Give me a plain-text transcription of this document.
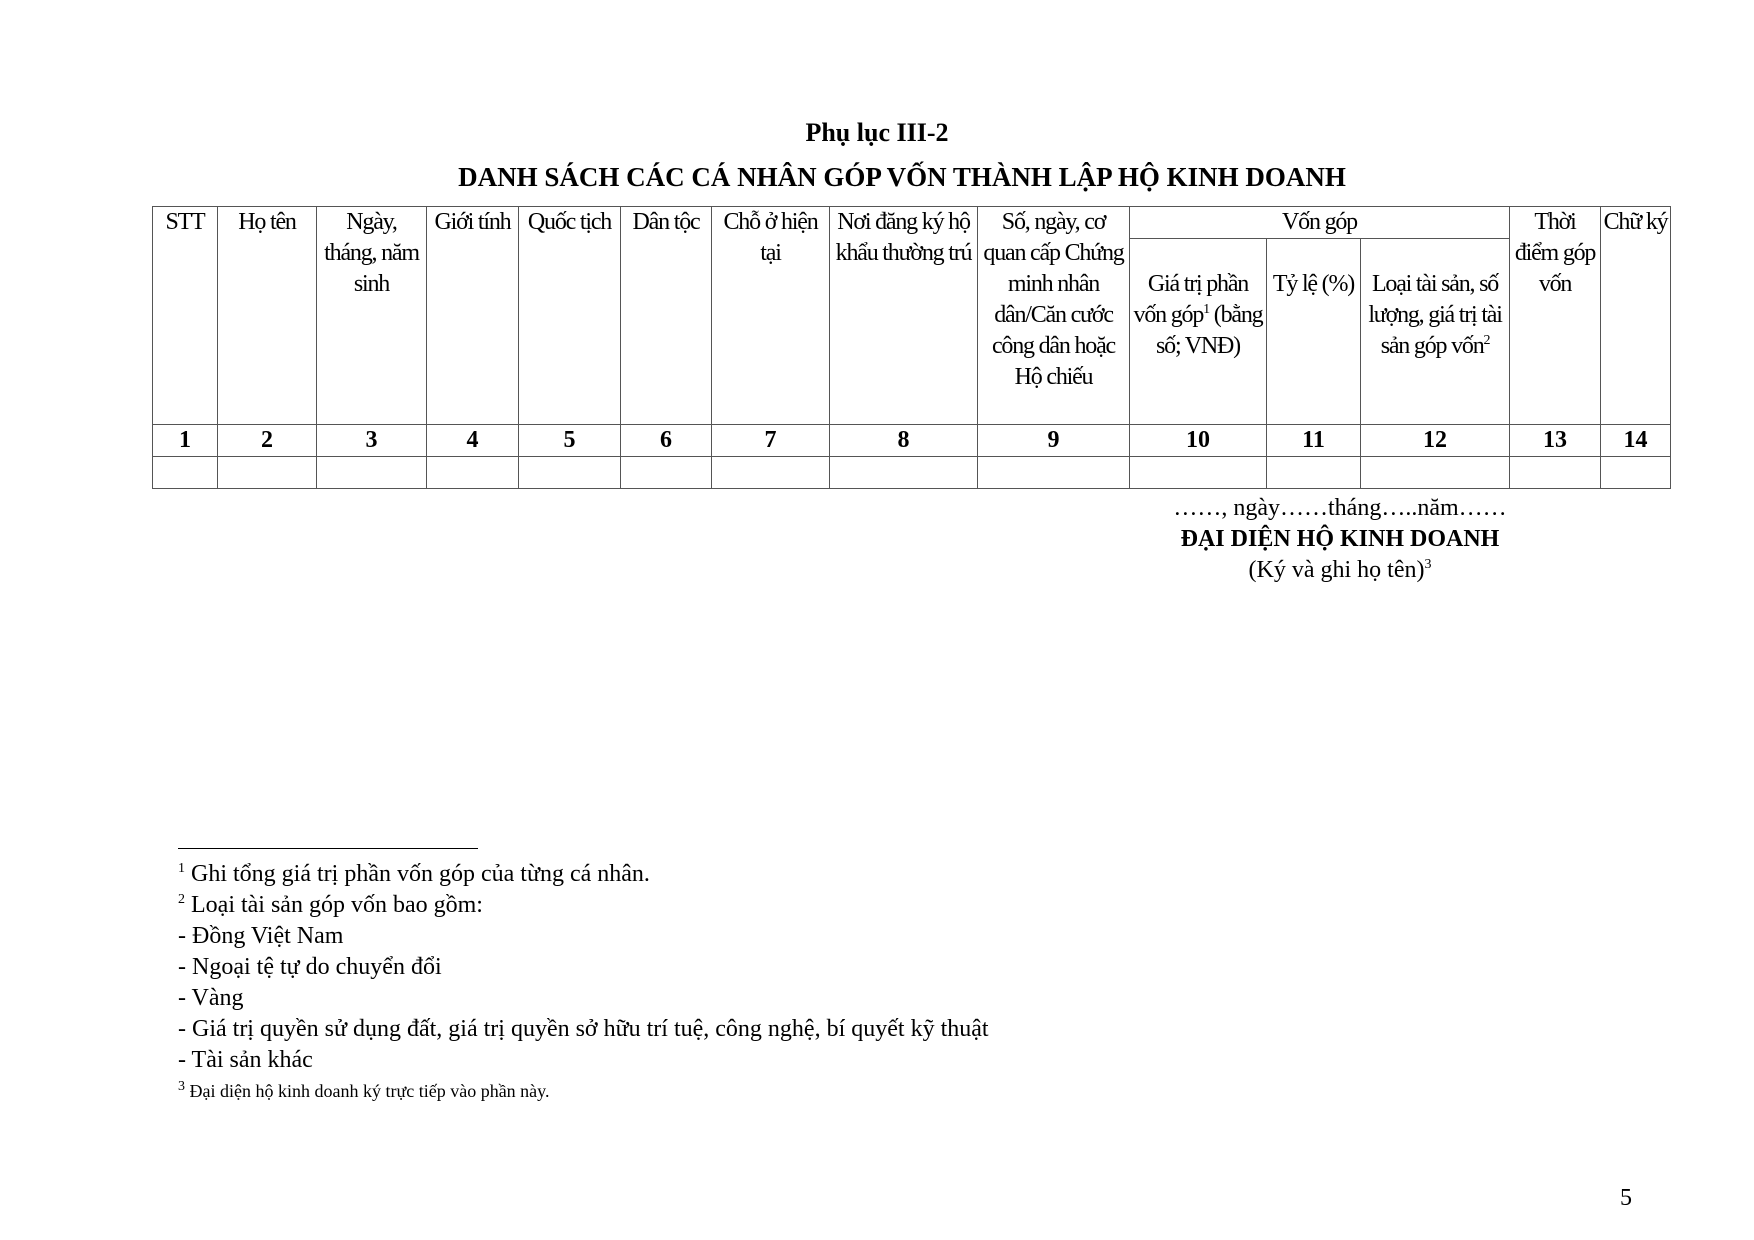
Phụ lục III-2
DANH SÁCH CÁC CÁ NHÂN GÓP VỐN THÀNH LẬP HỘ KINH DOANH
STT	Họ tên	Ngày, tháng, năm sinh	Giới tính	Quốc tịch	Dân tộc	Chỗ ở hiện tại	Nơi đăng ký hộ khẩu thường trú	Số, ngày, cơ quan cấp Chứng minh nhân dân/Căn cước công dân hoặc Hộ chiếu	Vốn góp			Thời điểm góp vốn	Chữ ký
									Giá trị phần vốn góp$^1$ (bằng số; VNĐ)	Tỷ lệ (%)	Loại tài sản, số lượng, giá trị tài sản góp vốn$^2$
1	2	3	4	5	6	7	8	9	10	11	12	13	14

……, ngày……tháng…..năm……
ĐẠI DIỆN HỘ KINH DOANH
(Ký và ghi họ tên)$^3$
$^1$ Ghi tổng giá trị phần vốn góp của từng cá nhân.
$^2$ Loại tài sản góp vốn bao gồm:
- Đồng Việt Nam
- Ngoại tệ tự do chuyển đổi
- Vàng
- Giá trị quyền sử dụng đất, giá trị quyền sở hữu trí tuệ, công nghệ, bí quyết kỹ thuật
- Tài sản khác
$^3$ Đại diện hộ kinh doanh ký trực tiếp vào phần này.
5
